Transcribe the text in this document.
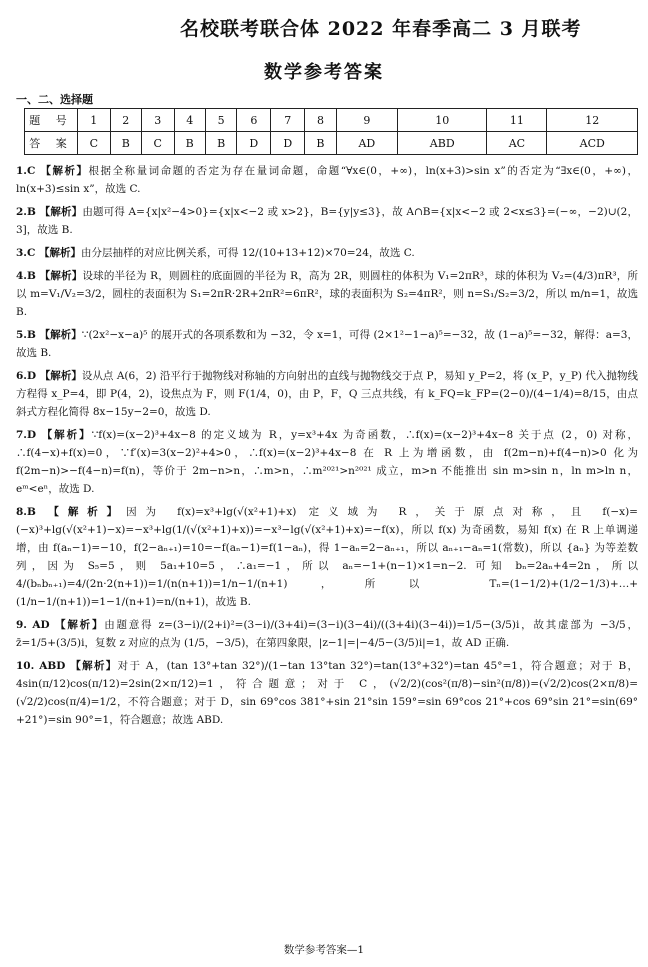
名校联考联合体 2022 年春季高二 3 月联考
数学参考答案
一、二、选择题
题 号	1	2	3	4	5	6	7	8	9	10	11	12
答 案	C	B	C	B	B	D	D	B	AD	ABD	AC	ACD
1.C 【解析】根据全称量词命题的否定为存在量词命题，命题“∀x∈(0，+∞)，ln(x+3)>sin x”的否定为“∃x∈(0，+∞)，ln(x+3)≤sin x”，故选 C.
2.B 【解析】由题可得 A={x|x²−4>0}={x|x<−2 或 x>2}，B={y|y≤3}，故 A∩B={x|x<−2 或 2<x≤3}=(−∞，−2)∪(2，3]，故选 B.
3.C 【解析】由分层抽样的对应比例关系，可得 12/(10+13+12)×70=24，故选 C.
4.B 【解析】设球的半径为 R，则圆柱的底面圆的半径为 R，高为 2R，则圆柱的体积为 V₁=2πR³，球的体积为 V₂=(4/3)πR³，所以 m=V₁/V₂=3/2，圆柱的表面积为 S₁=2πR·2R+2πR²=6πR²，球的表面积为 S₂=4πR²，则 n=S₁/S₂=3/2，所以 m/n=1，故选 B.
5.B 【解析】∵(2x²−x−a)⁵ 的展开式的各项系数和为 −32，令 x=1，可得 (2×1²−1−a)⁵=−32，故 (1−a)⁵=−32，解得：a=3，故选 B.
6.D 【解析】设从点 A(6，2) 沿平行于抛物线对称轴的方向射出的直线与抛物线交于点 P，易知 y_P=2，将 (x_P，y_P) 代入抛物线方程得 x_P=4，即 P(4，2)，设焦点为 F，则 F(1/4，0)，由 P，F，Q 三点共线，有 k_FQ=k_FP=(2−0)/(4−1/4)=8/15，由点斜式方程化简得 8x−15y−2=0，故选 D.
7.D 【解析】∵f(x)=(x−2)³+4x−8 的定义域为 R，y=x³+4x 为奇函数，∴f(x)=(x−2)³+4x−8 关于点 (2，0) 对称，∴f(4−x)+f(x)=0，∵f′(x)=3(x−2)²+4>0，∴f(x)=(x−2)³+4x−8 在 R 上为增函数，由 f(2m−n)+f(4−n)>0 化为 f(2m−n)>−f(4−n)=f(n)，等价于 2m−n>n，∴m>n，∴m²⁰²¹>n²⁰²¹ 成立，m>n 不能推出 sin m>sin n，ln m>ln n，eᵐ<eⁿ，故选 D.
8.B 【解析】因为 f(x)=x³+lg(√(x²+1)+x) 定义域为 R，关于原点对称，且 f(−x)=(−x)³+lg(√(x²+1)−x)=−x³+lg(1/(√(x²+1)+x))=−x³−lg(√(x²+1)+x)=−f(x)，所以 f(x) 为奇函数，易知 f(x) 在 R 上单调递增，由 f(aₙ−1)=−10，f(2−aₙ₊₁)=10=−f(aₙ−1)=f(1−aₙ)，得 1−aₙ=2−aₙ₊₁，所以 aₙ₊₁−aₙ=1(常数)，所以 {aₙ} 为等差数列，因为 S₅=5，则 5a₁+10=5，∴a₁=−1，所以 aₙ=−1+(n−1)×1=n−2. 可知 bₙ=2aₙ+4=2n，所以 4/(bₙbₙ₊₁)=4/(2n·2(n+1))=1/(n(n+1))=1/n−1/(n+1)，所以 Tₙ=(1−1/2)+(1/2−1/3)+…+(1/n−1/(n+1))=1−1/(n+1)=n/(n+1)，故选 B.
9. AD 【解析】由题意得 z=(3−i)/(2+i)²=(3−i)/(3+4i)=(3−i)(3−4i)/((3+4i)(3−4i))=1/5−(3/5)i，故其虚部为 −3/5，z̄=1/5+(3/5)i，复数 z 对应的点为 (1/5，−3/5)，在第四象限，|z−1|=|−4/5−(3/5)i|=1，故 AD 正确.
10. ABD 【解析】对于 A，(tan 13°+tan 32°)/(1−tan 13°tan 32°)=tan(13°+32°)=tan 45°=1，符合题意；对于 B，4sin(π/12)cos(π/12)=2sin(2×π/12)=1，符合题意；对于 C，(√2/2)(cos²(π/8)−sin²(π/8))=(√2/2)cos(2×π/8)=(√2/2)cos(π/4)=1/2，不符合题意；对于 D，sin 69°cos 381°+sin 21°sin 159°=sin 69°cos 21°+cos 69°sin 21°=sin(69°+21°)=sin 90°=1，符合题意；故选 ABD.
数学参考答案—1
